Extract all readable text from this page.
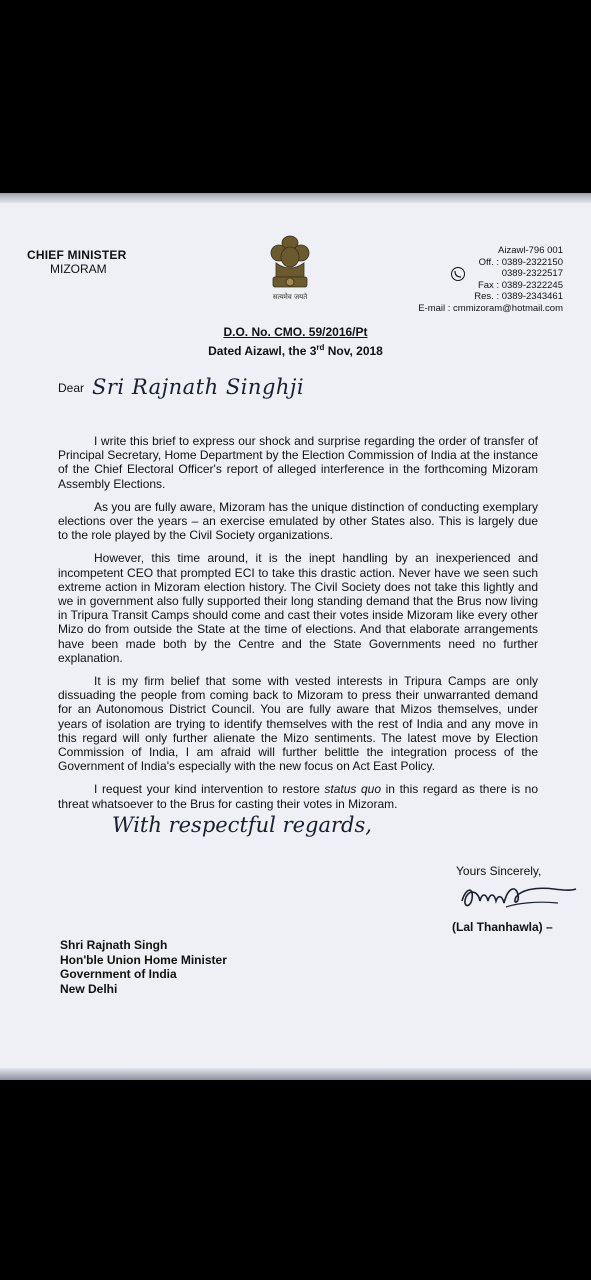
CHIEF MINISTER
MIZORAM
सत्यमेव जयते
Aizawl-796 001
Off. : 0389-2322150
0389-2322517
Fax : 0389-2322245
Res. : 0389-2343461
E-mail : cmmizoram@hotmail.com
D.O. No. CMO. 59/2016/Pt
Dated Aizawl, the 3rd Nov, 2018
Dear Sri Rajnath Singhji

I write this brief to express our shock and surprise regarding the order of transfer of Principal Secretary, Home Department by the Election Commission of India at the instance of the Chief Electoral Officer's report of alleged interference in the forthcoming Mizoram Assembly Elections.

As you are fully aware, Mizoram has the unique distinction of conducting exemplary elections over the years – an exercise emulated by other States also. This is largely due to the role played by the Civil Society organizations.

However, this time around, it is the inept handling by an inexperienced and incompetent CEO that prompted ECI to take this drastic action. Never have we seen such extreme action in Mizoram election history. The Civil Society does not take this lightly and we in government also fully supported their long standing demand that the Brus now living in Tripura Transit Camps should come and cast their votes inside Mizoram like every other Mizo do from outside the State at the time of elections. And that elaborate arrangements have been made both by the Centre and the State Governments need no further explanation.

It is my firm belief that some with vested interests in Tripura Camps are only dissuading the people from coming back to Mizoram to press their unwarranted demand for an Autonomous District Council. You are fully aware that Mizos themselves, under years of isolation are trying to identify themselves with the rest of India and any move in this regard will only further alienate the Mizo sentiments. The latest move by Election Commission of India, I am afraid will further belittle the integration process of the Government of India's especially with the new focus on Act East Policy.

I request your kind intervention to restore status quo in this regard as there is no threat whatsoever to the Brus for casting their votes in Mizoram.

With respectful regards,
Yours Sincerely,
(Lal Thanhawla) –
Shri Rajnath Singh
Hon'ble Union Home Minister
Government of India
New Delhi
